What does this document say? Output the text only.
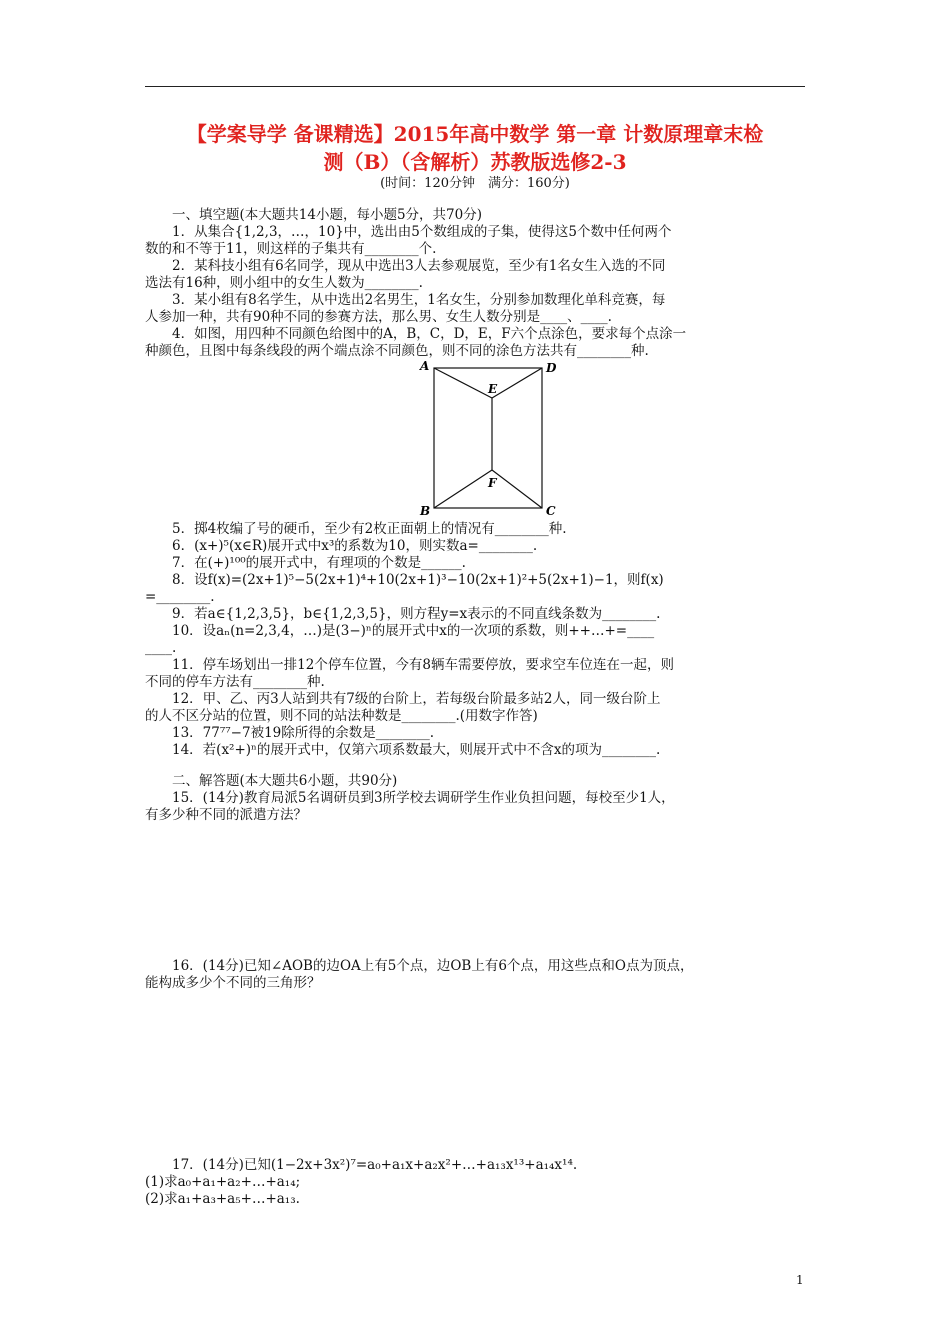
【学案导学 备课精选】2015年高中数学 第一章 计数原理章末检
测（B）（含解析）苏教版选修2-3
(时间：120分钟　满分：160分)
一、填空题(本大题共14小题，每小题5分，共70分)
1．从集合{1,2,3，…，10}中，选出由5个数组成的子集，使得这5个数中任何两个
数的和不等于11，则这样的子集共有________个.
2．某科技小组有6名同学，现从中选出3人去参观展览，至少有1名女生入选的不同
选法有16种，则小组中的女生人数为________.
3．某小组有8名学生，从中选出2名男生，1名女生，分别参加数理化单科竞赛，每
人参加一种，共有90种不同的参赛方法，那么男、女生人数分别是____、____.
4．如图，用四种不同颜色给图中的A，B，C，D，E，F六个点涂色，要求每个点涂一
种颜色，且图中每条线段的两个端点涂不同颜色，则不同的涂色方法共有________种.
A	D
E
F
B	C
5．掷4枚编了号的硬币，至少有2枚正面朝上的情况有________种.
6．(x+)⁵(x∈R)展开式中x³的系数为10，则实数a=________.
7．在(+)¹⁰⁰的展开式中，有理项的个数是______.
8．设f(x)=(2x+1)⁵−5(2x+1)⁴+10(2x+1)³−10(2x+1)²+5(2x+1)−1，则f(x)
=________.
9．若a∈{1,2,3,5}，b∈{1,2,3,5}，则方程y=x表示的不同直线条数为________.
10．设aₙ(n=2,3,4，…)是(3−)ⁿ的展开式中x的一次项的系数，则++…+=____
____.
11．停车场划出一排12个停车位置，今有8辆车需要停放，要求空车位连在一起，则
不同的停车方法有________种.
12．甲、乙、丙3人站到共有7级的台阶上，若每级台阶最多站2人，同一级台阶上
的人不区分站的位置，则不同的站法种数是________.(用数字作答)
13．77⁷⁷−7被19除所得的余数是________.
14．若(x²+)ⁿ的展开式中，仅第六项系数最大，则展开式中不含x的项为________.
二、解答题(本大题共6小题，共90分)
15．(14分)教育局派5名调研员到3所学校去调研学生作业负担问题，每校至少1人，
有多少种不同的派遣方法？
16．(14分)已知∠AOB的边OA上有5个点，边OB上有6个点，用这些点和O点为顶点，
能构成多少个不同的三角形？
17．(14分)已知(1−2x+3x²)⁷=a₀+a₁x+a₂x²+…+a₁₃x¹³+a₁₄x¹⁴.
(1)求a₀+a₁+a₂+…+a₁₄;
(2)求a₁+a₃+a₅+…+a₁₃.
1
